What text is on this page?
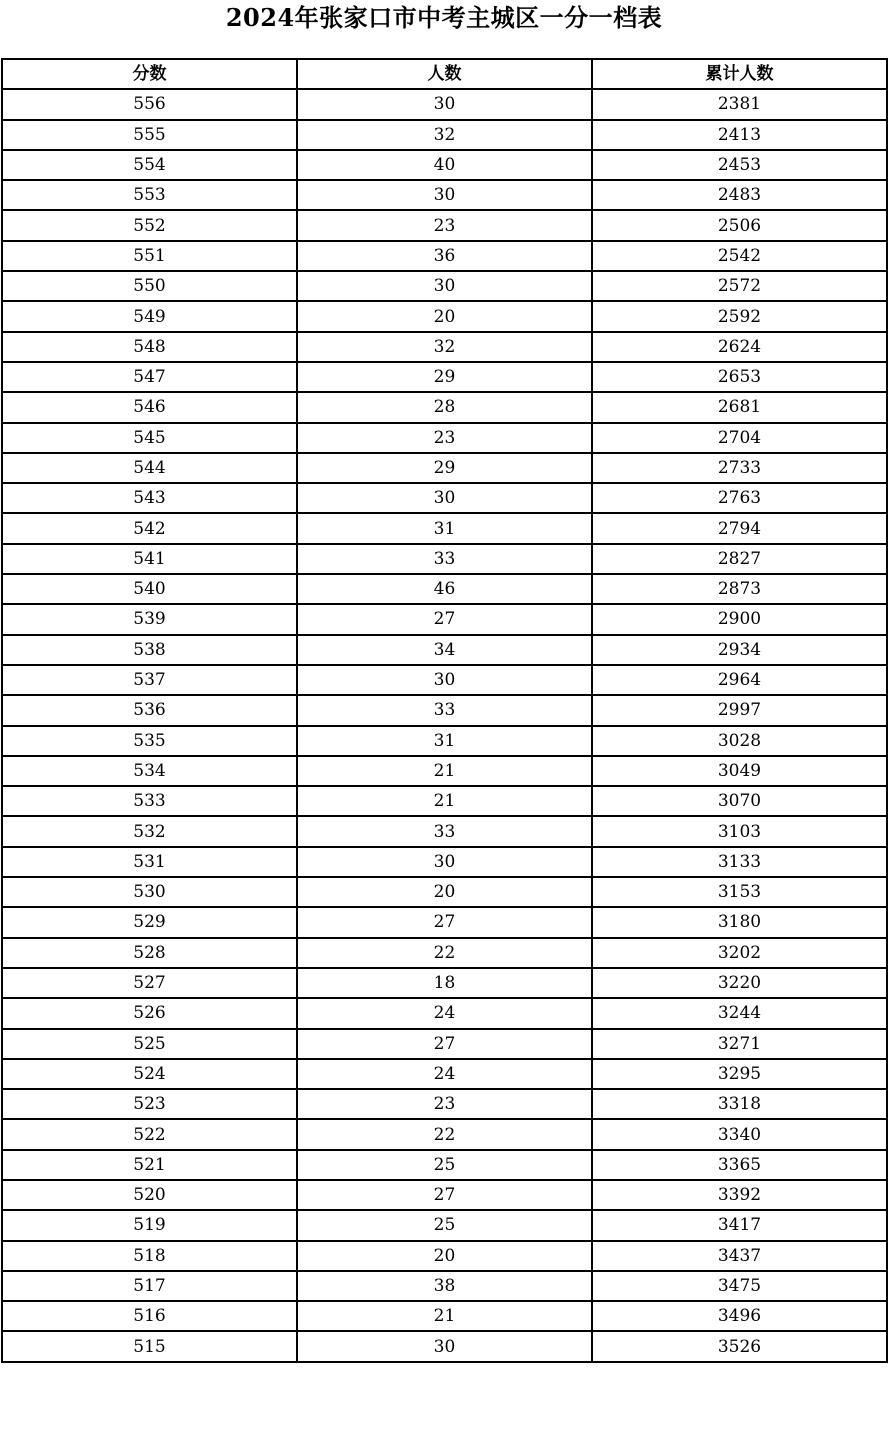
2024年张家口市中考主城区一分一档表
分数	人数	累计人数
556	30	2381
555	32	2413
554	40	2453
553	30	2483
552	23	2506
551	36	2542
550	30	2572
549	20	2592
548	32	2624
547	29	2653
546	28	2681
545	23	2704
544	29	2733
543	30	2763
542	31	2794
541	33	2827
540	46	2873
539	27	2900
538	34	2934
537	30	2964
536	33	2997
535	31	3028
534	21	3049
533	21	3070
532	33	3103
531	30	3133
530	20	3153
529	27	3180
528	22	3202
527	18	3220
526	24	3244
525	27	3271
524	24	3295
523	23	3318
522	22	3340
521	25	3365
520	27	3392
519	25	3417
518	20	3437
517	38	3475
516	21	3496
515	30	3526
